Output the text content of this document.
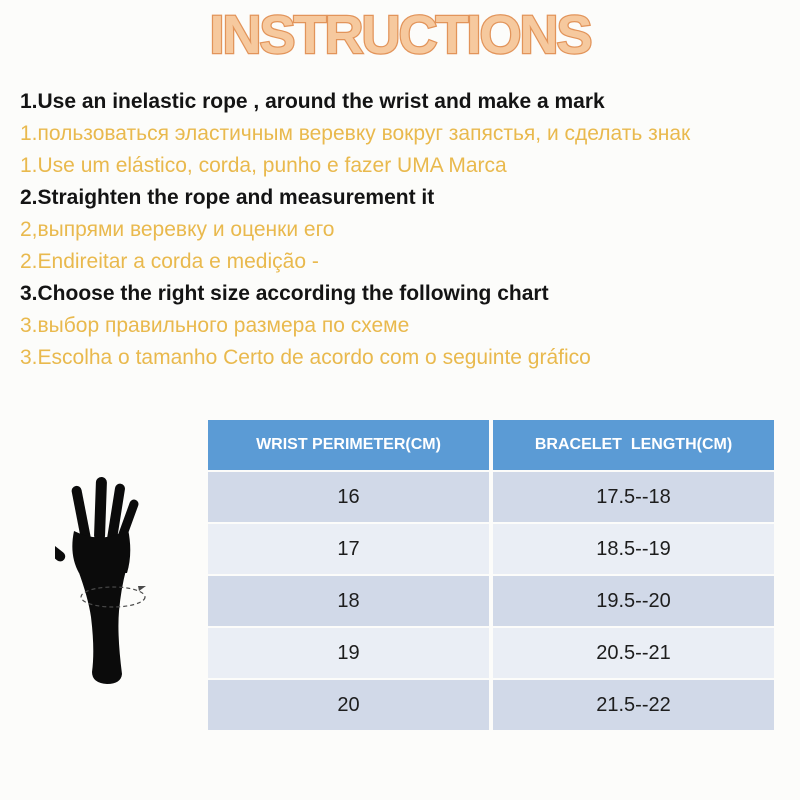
INSTRUCTIONS
1.Use an inelastic rope , around the wrist and make a mark
1.пользоваться эластичным веревку вокруг запястья, и сделать знак
1.Use um elástico, corda, punho e fazer UMA Marca
2.Straighten the rope and measurement it
2,выпрями веревку и оценки его
2.Endireitar a corda e medição -
3.Choose the right size according the following chart
3.выбор правильного размера по схеме
3.Escolha o tamanho Certo de acordo com o seguinte gráfico
WRIST PERIMETER(CM)	BRACELET  LENGTH(CM)
16	17.5--18
17	18.5--19
18	19.5--20
19	20.5--21
20	21.5--22
